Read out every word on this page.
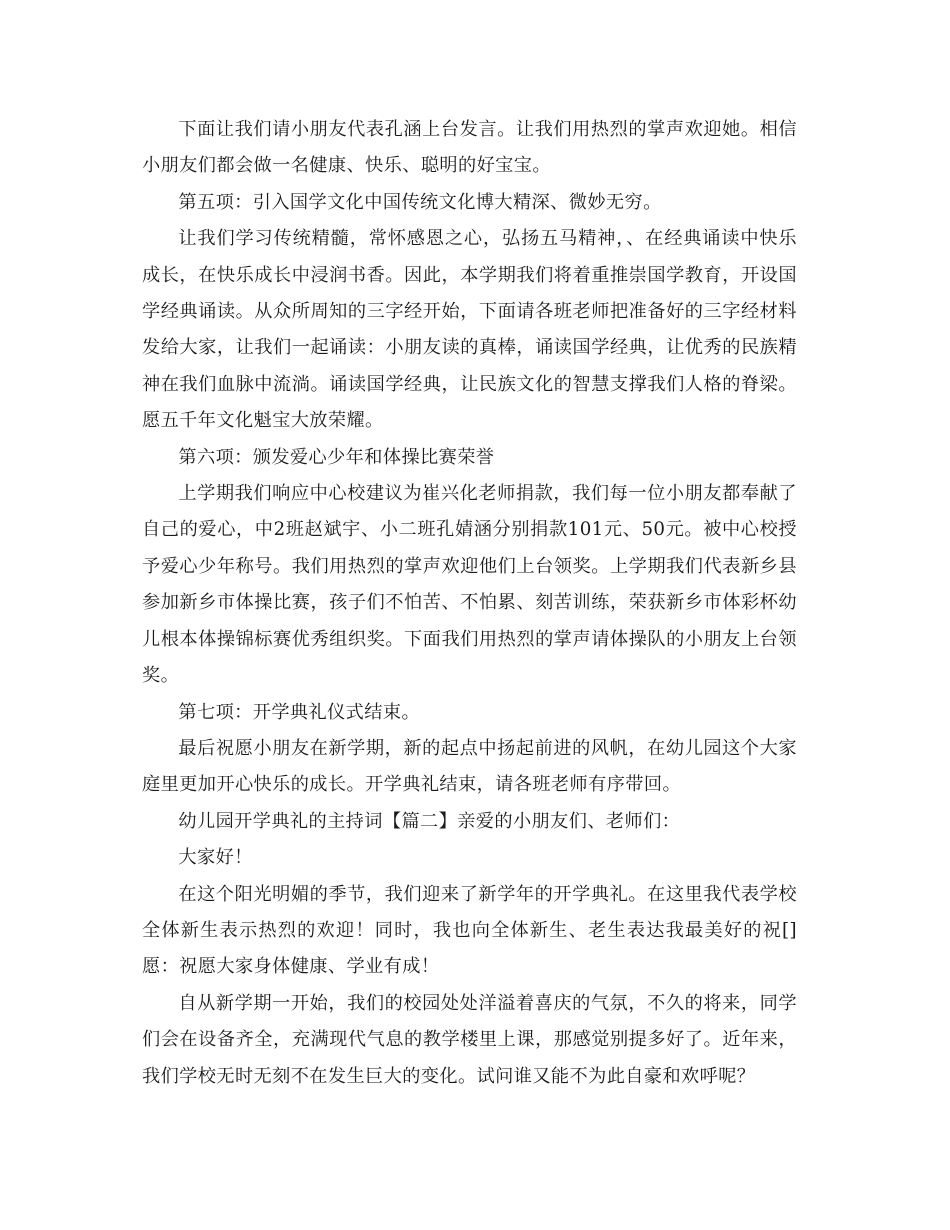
下面让我们请小朋友代表孔涵上台发言。让我们用热烈的掌声欢迎她。相信小朋友们都会做一名健康、快乐、聪明的好宝宝。

第五项：引入国学文化中国传统文化博大精深、微妙无穷。

让我们学习传统精髓，常怀感恩之心，弘扬五马精神，、在经典诵读中快乐成长，在快乐成长中浸润书香。因此，本学期我们将着重推崇国学教育，开设国学经典诵读。从众所周知的三字经开始，下面请各班老师把准备好的三字经材料发给大家，让我们一起诵读：小朋友读的真棒，诵读国学经典，让优秀的民族精神在我们血脉中流淌。诵读国学经典，让民族文化的智慧支撑我们人格的脊梁。愿五千年文化魁宝大放荣耀。

第六项：颁发爱心少年和体操比赛荣誉

上学期我们响应中心校建议为崔兴化老师捐款，我们每一位小朋友都奉献了自己的爱心，中2班赵斌宇、小二班孔婧涵分别捐款101元、50元。被中心校授予爱心少年称号。我们用热烈的掌声欢迎他们上台领奖。上学期我们代表新乡县参加新乡市体操比赛，孩子们不怕苦、不怕累、刻苦训练，荣获新乡市体彩杯幼儿根本体操锦标赛优秀组织奖。下面我们用热烈的掌声请体操队的小朋友上台领奖。

第七项：开学典礼仪式结束。

最后祝愿小朋友在新学期，新的起点中扬起前进的风帆，在幼儿园这个大家庭里更加开心快乐的成长。开学典礼结束，请各班老师有序带回。

幼儿园开学典礼的主持词【篇二】亲爱的小朋友们、老师们：

大家好！

在这个阳光明媚的季节，我们迎来了新学年的开学典礼。在这里我代表学校全体新生表示热烈的欢迎！同时，我也向全体新生、老生表达我最美好的祝[]愿：祝愿大家身体健康、学业有成！

自从新学期一开始，我们的校园处处洋溢着喜庆的气氛，不久的将来，同学们会在设备齐全，充满现代气息的教学楼里上课，那感觉别提多好了。近年来，我们学校无时无刻不在发生巨大的变化。试问谁又能不为此自豪和欢呼呢？
